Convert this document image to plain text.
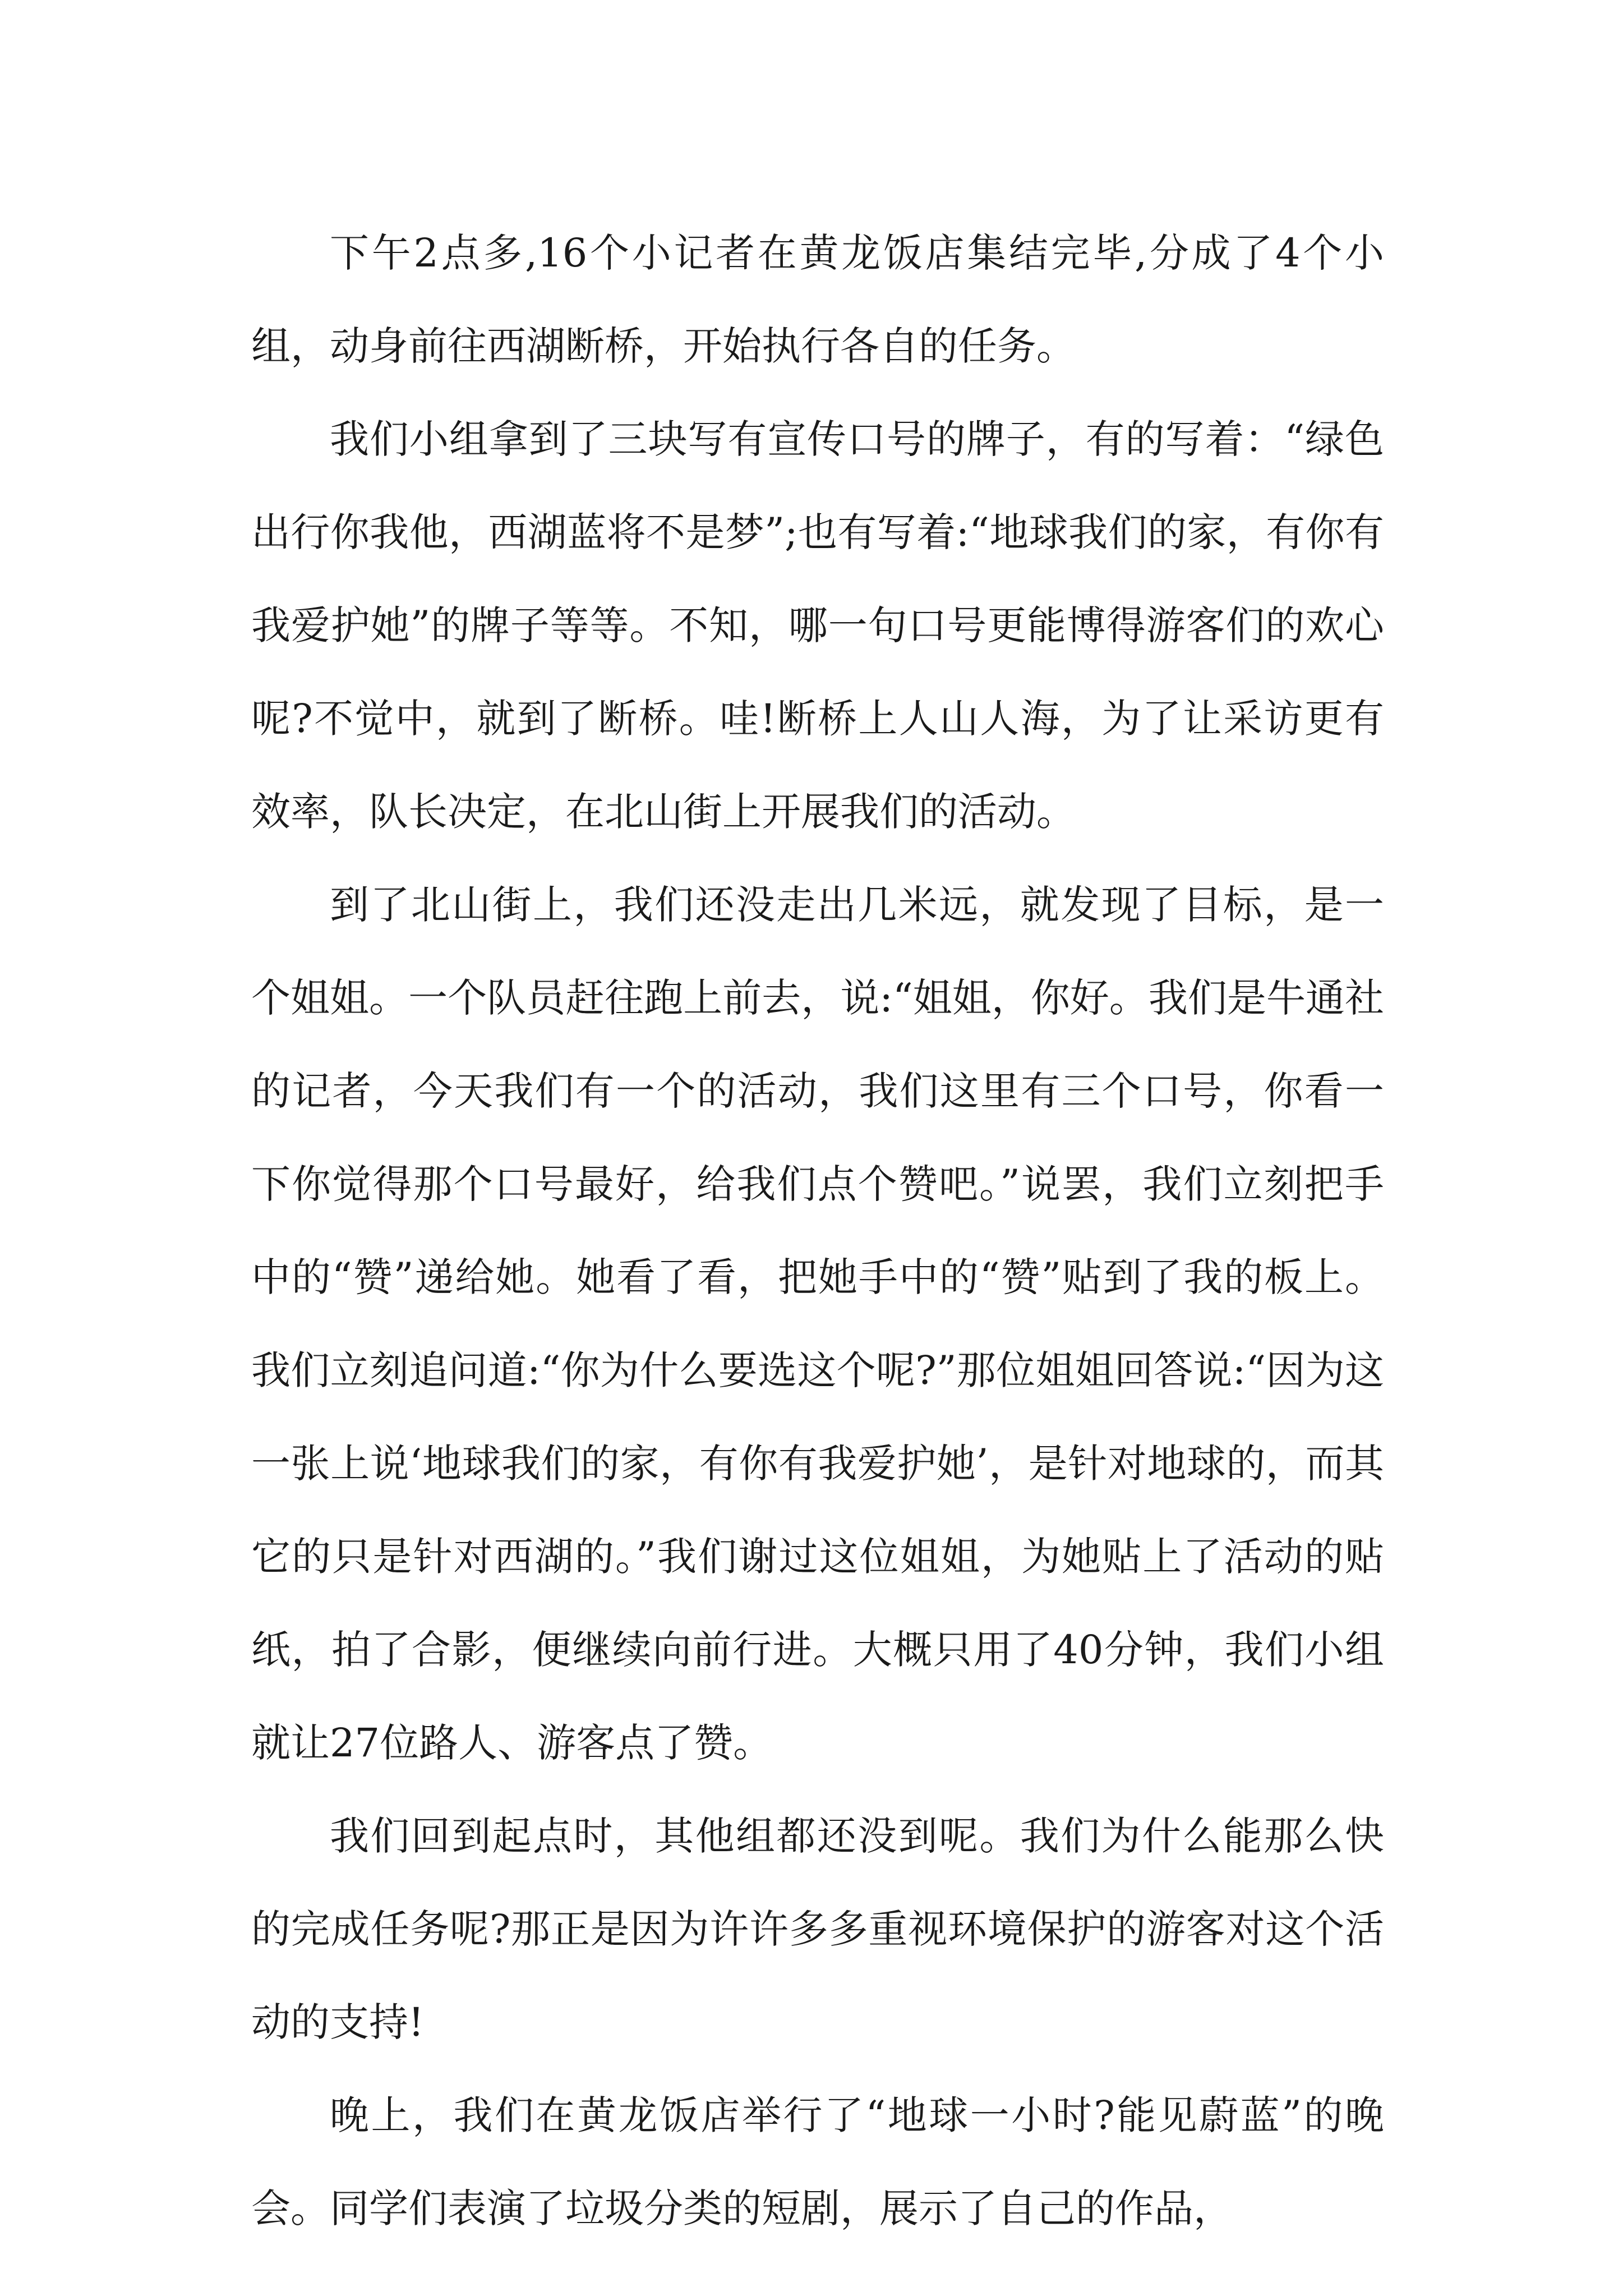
下午2点多,16个小记者在黄龙饭店集结完毕,分成了4个小组，动身前往西湖断桥，开始执行各自的任务。

我们小组拿到了三块写有宣传口号的牌子，有的写着：“绿色出行你我他，西湖蓝将不是梦”;也有写着:“地球我们的家，有你有我爱护她”的牌子等等。不知，哪一句口号更能博得游客们的欢心呢?不觉中，就到了断桥。哇!断桥上人山人海，为了让采访更有效率，队长决定，在北山街上开展我们的活动。

到了北山街上，我们还没走出几米远，就发现了目标，是一个姐姐。一个队员赶往跑上前去，说:“姐姐，你好。我们是牛通社的记者，今天我们有一个的活动，我们这里有三个口号，你看一下你觉得那个口号最好，给我们点个赞吧。”说罢，我们立刻把手中的“赞”递给她。她看了看，把她手中的“赞”贴到了我的板上。我们立刻追问道:“你为什么要选这个呢?”那位姐姐回答说:“因为这一张上说‘地球我们的家，有你有我爱护她’，是针对地球的，而其它的只是针对西湖的。”我们谢过这位姐姐，为她贴上了活动的贴纸，拍了合影，便继续向前行进。大概只用了40分钟，我们小组就让27位路人、游客点了赞。

我们回到起点时，其他组都还没到呢。我们为什么能那么快的完成任务呢?那正是因为许许多多重视环境保护的游客对这个活动的支持!

晚上，我们在黄龙饭店举行了“地球一小时?能见蔚蓝”的晚会。同学们表演了垃圾分类的短剧，展示了自己的作品，
